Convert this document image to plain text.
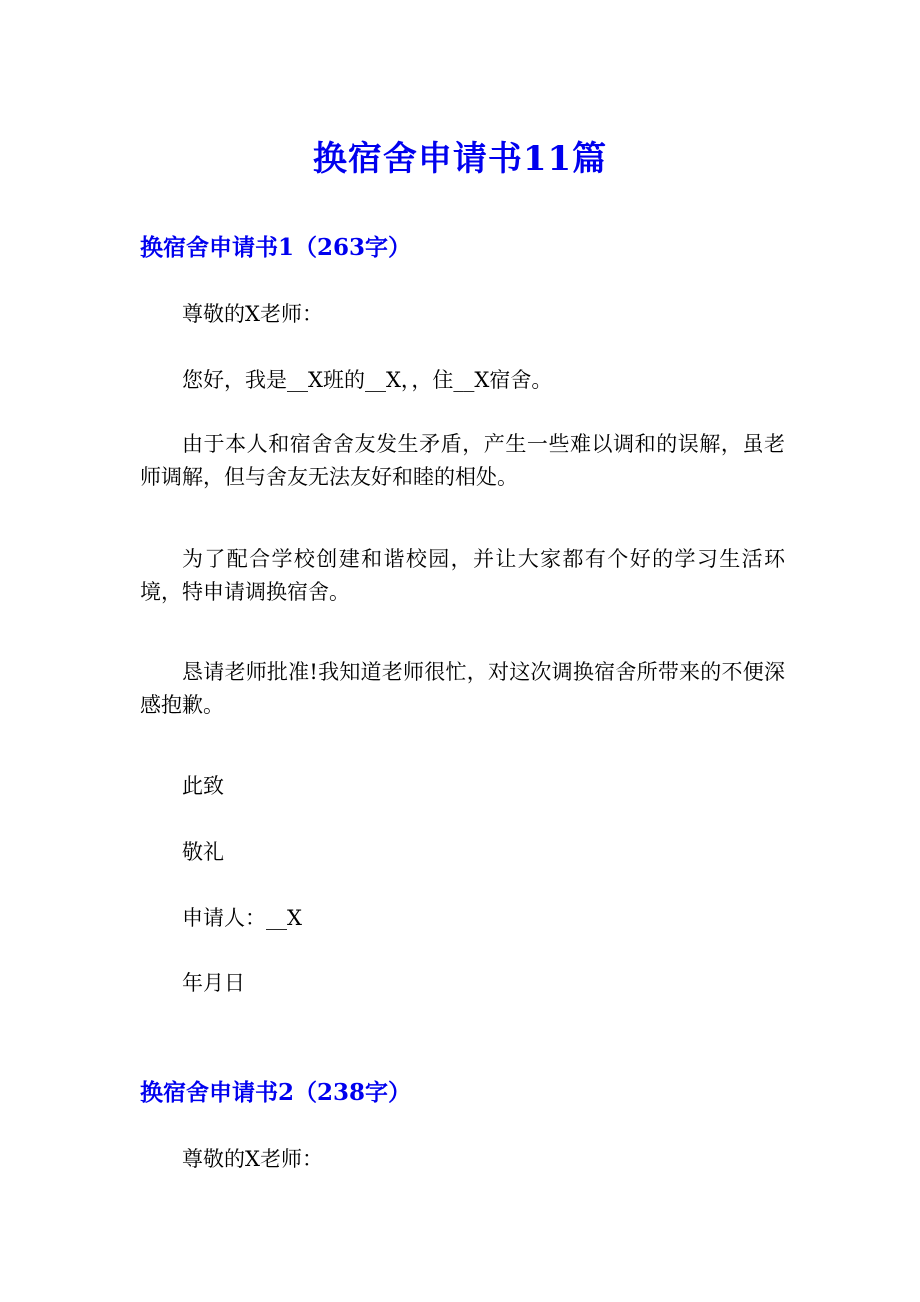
换宿舍申请书11篇
换宿舍申请书1（263字）

尊敬的X老师：

您好，我是__X班的__X，，住__X宿舍。

由于本人和宿舍舍友发生矛盾，产生一些难以调和的误解，虽老师调解，但与舍友无法友好和睦的相处。

为了配合学校创建和谐校园，并让大家都有个好的学习生活环境，特申请调换宿舍。

恳请老师批准!我知道老师很忙，对这次调换宿舍所带来的不便深感抱歉。

此致

敬礼

申请人：__X

年月日

换宿舍申请书2（238字）

尊敬的X老师：
